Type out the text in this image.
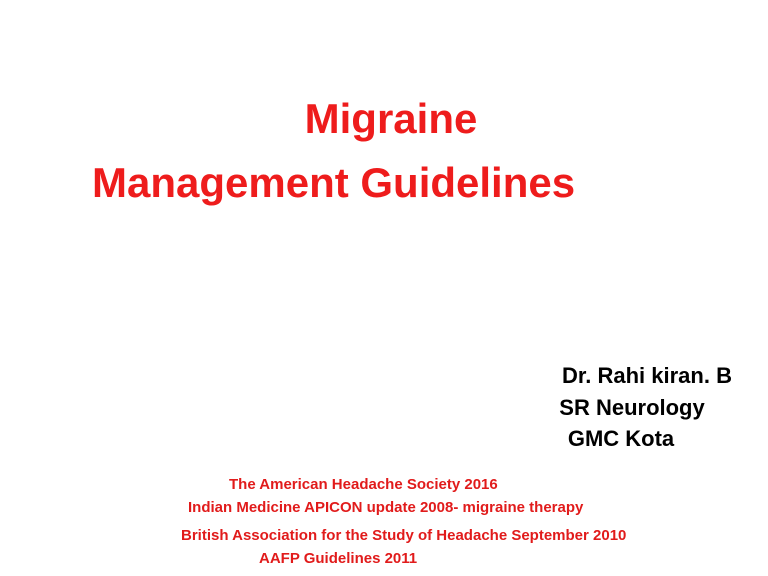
Migraine
Management Guidelines
Dr. Rahi kiran. B
SR Neurology
GMC Kota
The American Headache Society 2016
Indian Medicine APICON update 2008- migraine therapy
British Association for the Study of Headache September 2010
AAFP Guidelines 2011
